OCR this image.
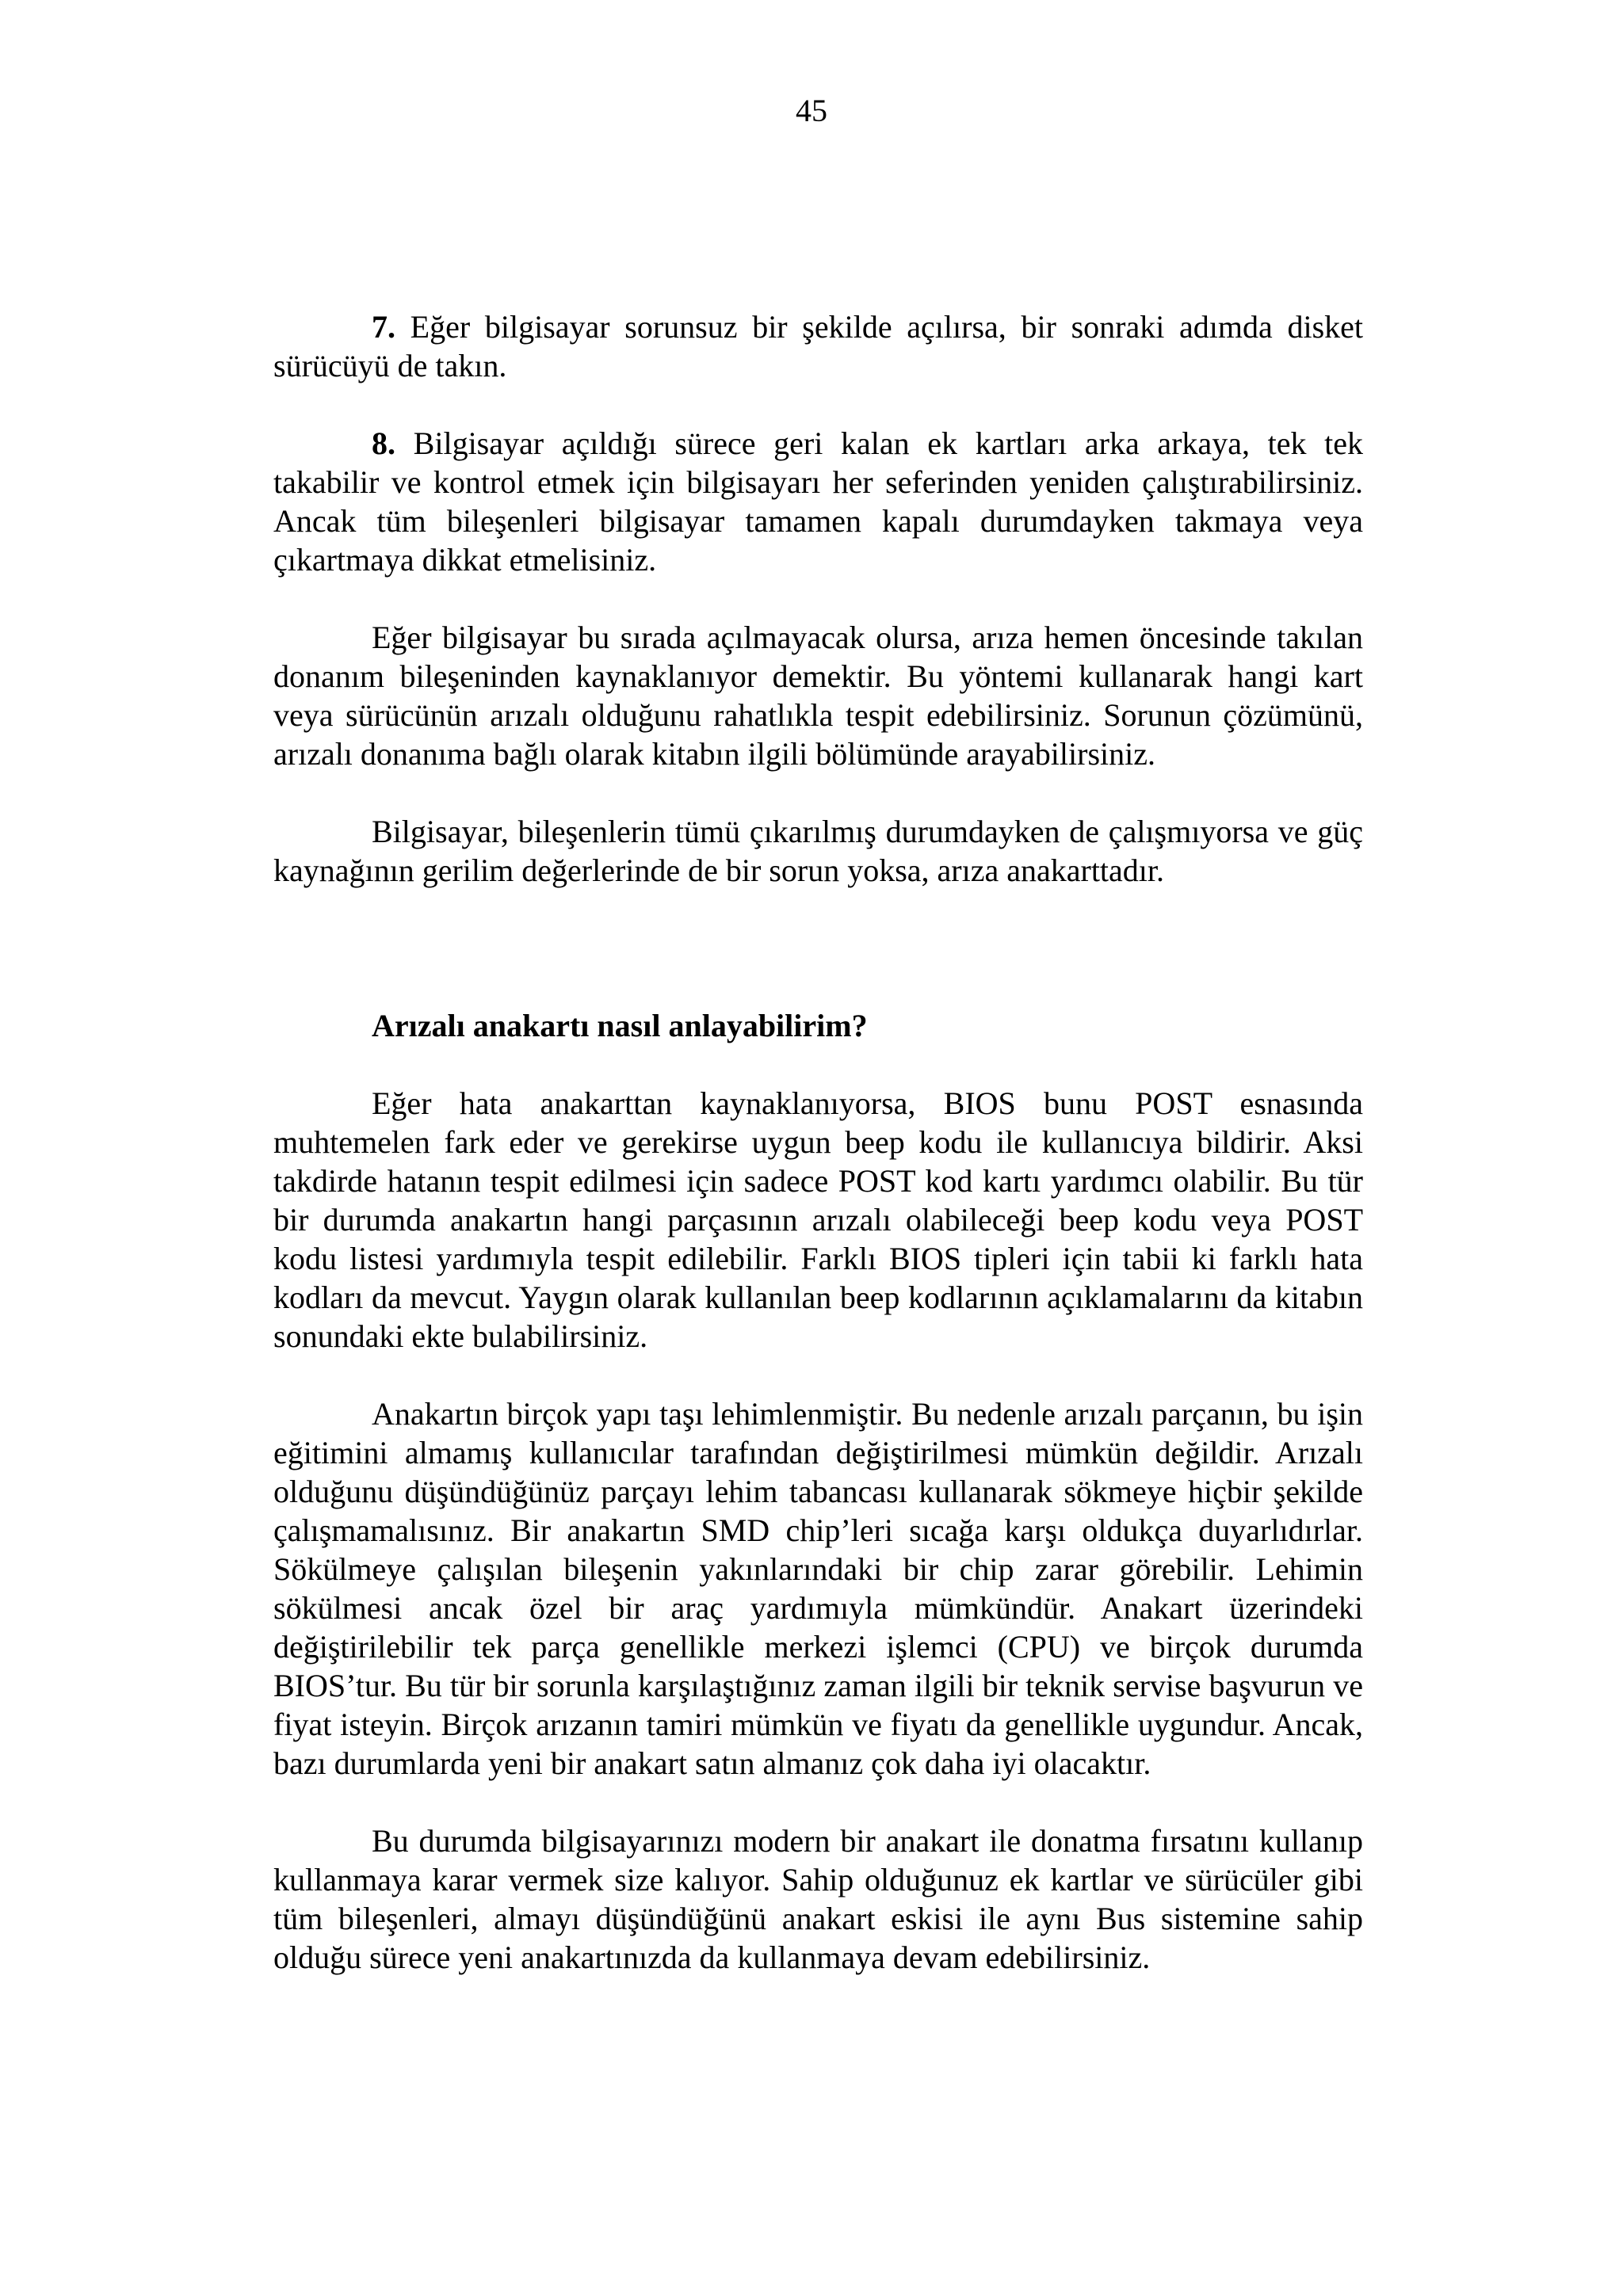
45

7. Eğer bilgisayar sorunsuz bir şekilde açılırsa, bir sonraki adımda disket sürücüyü de takın.

8. Bilgisayar açıldığı sürece geri kalan ek kartları arka arkaya, tek tek takabilir ve kontrol etmek için bilgisayarı her seferinden yeniden çalıştırabilirsiniz. Ancak tüm bileşenleri bilgisayar tamamen kapalı durumdayken takmaya veya çıkartmaya dikkat etmelisiniz.

Eğer bilgisayar bu sırada açılmayacak olursa, arıza hemen öncesinde takılan donanım bileşeninden kaynaklanıyor demektir. Bu yöntemi kullanarak hangi kart veya sürücünün arızalı olduğunu rahatlıkla tespit edebilirsiniz. Sorunun çözümünü, arızalı donanıma bağlı olarak kitabın ilgili bölümünde arayabilirsiniz.

Bilgisayar, bileşenlerin tümü çıkarılmış durumdayken de çalışmıyorsa ve güç kaynağının gerilim değerlerinde de bir sorun yoksa, arıza anakarttadır.

Arızalı anakartı nasıl anlayabilirim?

Eğer hata anakarttan kaynaklanıyorsa, BIOS bunu POST esnasında muhtemelen fark eder ve gerekirse uygun beep kodu ile kullanıcıya bildirir. Aksi takdirde hatanın tespit edilmesi için sadece POST kod kartı yardımcı olabilir. Bu tür bir durumda anakartın hangi parçasının arızalı olabileceği beep kodu veya POST kodu listesi yardımıyla tespit edilebilir. Farklı BIOS tipleri için tabii ki farklı hata kodları da mevcut. Yaygın olarak kullanılan beep kodlarının açıklamalarını da kitabın sonundaki ekte bulabilirsiniz.

Anakartın birçok yapı taşı lehimlenmiştir. Bu nedenle arızalı parçanın, bu işin eğitimini almamış kullanıcılar tarafından değiştirilmesi mümkün değildir. Arızalı olduğunu düşündüğünüz parçayı lehim tabancası kullanarak sökmeye hiçbir şekilde çalışmamalısınız. Bir anakartın SMD chip’leri sıcağa karşı oldukça duyarlıdırlar. Sökülmeye çalışılan bileşenin yakınlarındaki bir chip zarar görebilir. Lehimin sökülmesi ancak özel bir araç yardımıyla mümkündür. Anakart üzerindeki değiştirilebilir tek parça genellikle merkezi işlemci (CPU) ve birçok durumda BIOS’tur. Bu tür bir sorunla karşılaştığınız zaman ilgili bir teknik servise başvurun ve fiyat isteyin. Birçok arızanın tamiri mümkün ve fiyatı da genellikle uygundur. Ancak, bazı durumlarda yeni bir anakart satın almanız çok daha iyi olacaktır.

Bu durumda bilgisayarınızı modern bir anakart ile donatma fırsatını kullanıp kullanmaya karar vermek size kalıyor. Sahip olduğunuz ek kartlar ve sürücüler gibi tüm bileşenleri, almayı düşündüğünü anakart eskisi ile aynı Bus sistemine sahip olduğu sürece yeni anakartınızda da kullanmaya devam edebilirsiniz.
